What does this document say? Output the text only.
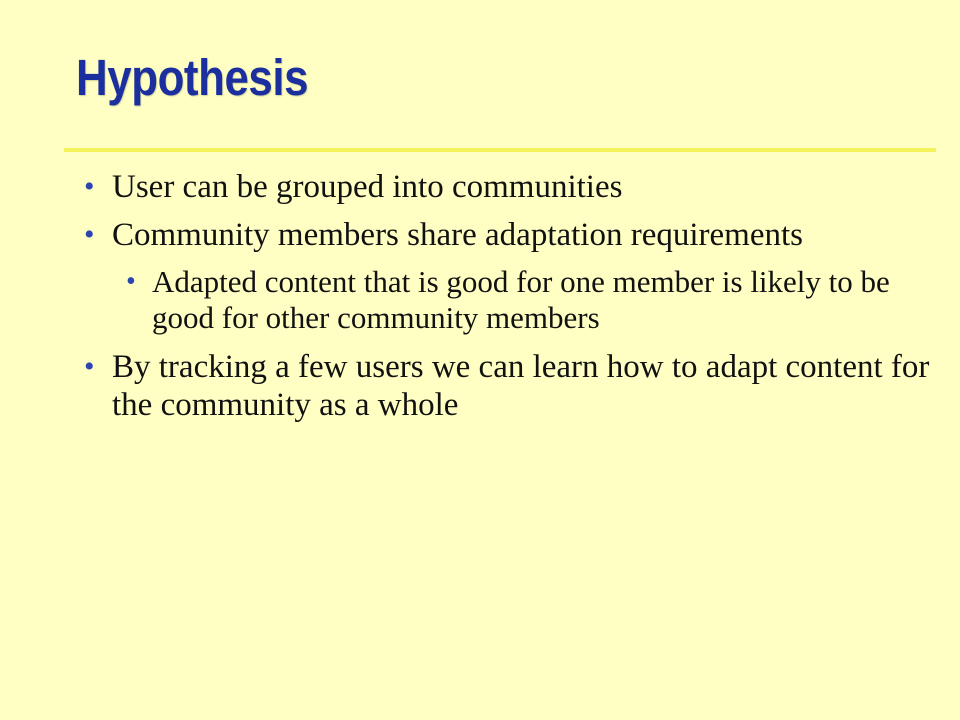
Hypothesis
• User can be grouped into communities
• Community members share adaptation requirements
• Adapted content that is good for one member is likely to be good for other community members
• By tracking a few users we can learn how to adapt content for the community as a whole
